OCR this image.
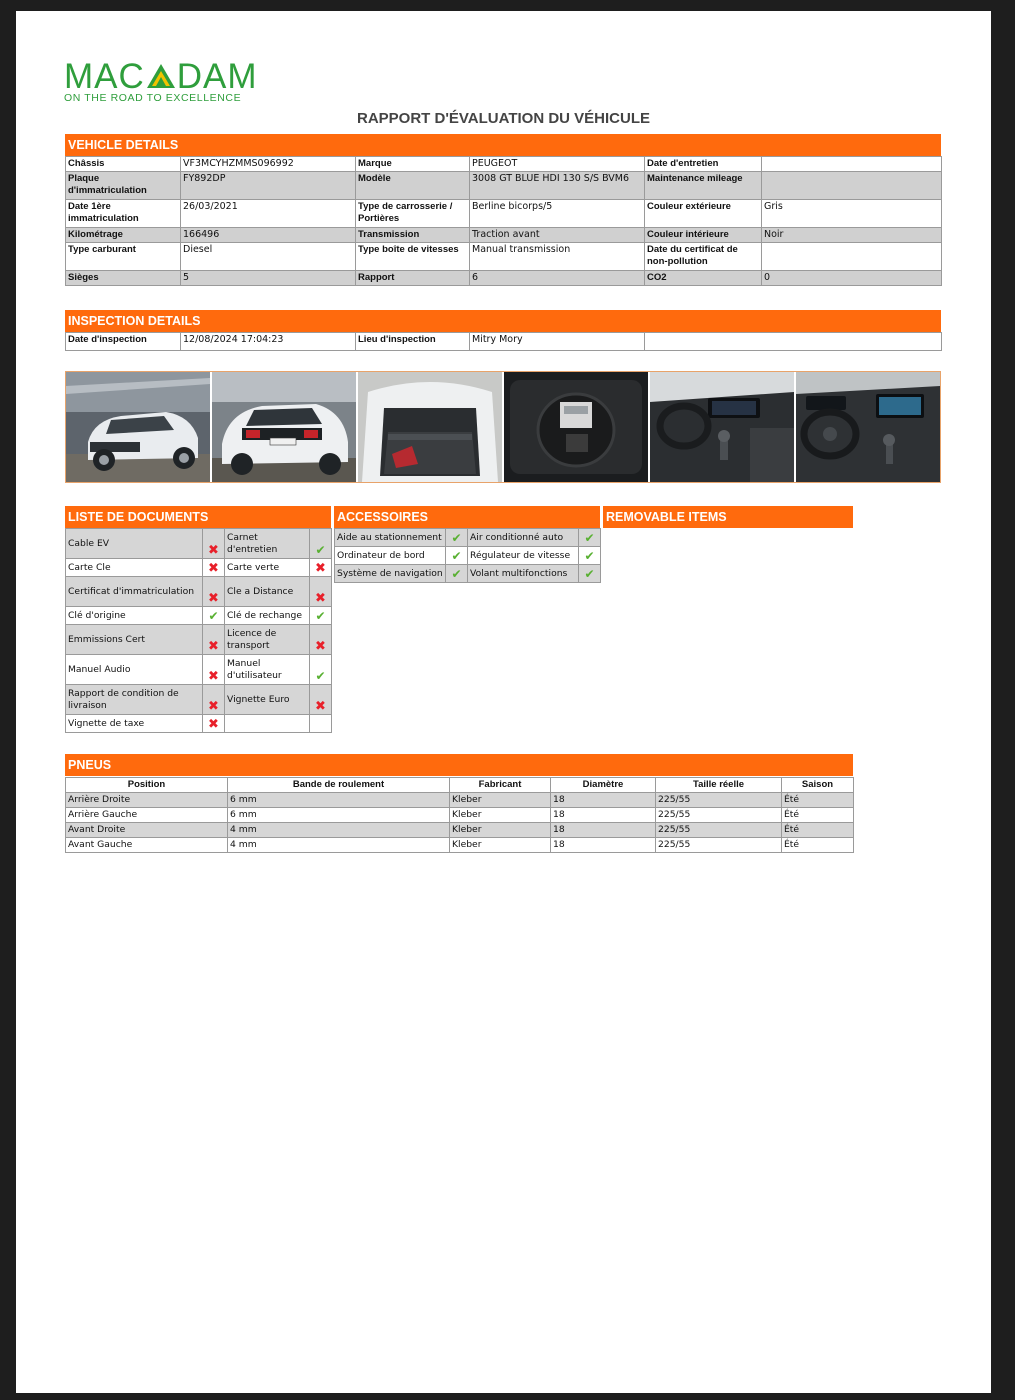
MAC DAM
ON THE ROAD TO EXCELLENCE
RAPPORT D'ÉVALUATION DU VÉHICULE
VEHICLE DETAILS
Châssis	VF3MCYHZMMS096992	Marque	PEUGEOT	Date d'entretien	
Plaque d'immatriculation	FY892DP	Modèle	3008 GT BLUE HDI 130 S/S BVM6	Maintenance mileage	
Date 1ère immatriculation	26/03/2021	Type de carrosserie / Portières	Berline bicorps/5	Couleur extérieure	Gris
Kilométrage	166496	Transmission	Traction avant	Couleur intérieure	Noir
Type carburant	Diesel	Type boîte de vitesses	Manual transmission	Date du certificat de non-pollution	
Sièges	5	Rapport	6	CO2	0
INSPECTION DETAILS
Date d'inspection	12/08/2024 17:04:23	Lieu d'inspection	Mitry Mory	
LISTE DE DOCUMENTS
Cable EV	✖	Carnet d'entretien	✔
Carte Cle	✖	Carte verte	✖
Certificat d'immatriculation	✖	Cle a Distance	✖
Clé d'origine	✔	Clé de rechange	✔
Emmissions Cert	✖	Licence de transport	✖
Manuel Audio	✖	Manuel d'utilisateur	✔
Rapport de condition de livraison	✖	Vignette Euro	✖
Vignette de taxe	✖		
ACCESSOIRES
Aide au stationnement	✔	Air conditionné auto	✔
Ordinateur de bord	✔	Régulateur de vitesse	✔
Système de navigation	✔	Volant multifonctions	✔
REMOVABLE ITEMS
PNEUS
Position	Bande de roulement	Fabricant	Diamètre	Taille réelle	Saison
Arrière Droite	6 mm	Kleber	18	225/55	Été
Arrière Gauche	6 mm	Kleber	18	225/55	Été
Avant Droite	4 mm	Kleber	18	225/55	Été
Avant Gauche	4 mm	Kleber	18	225/55	Été
